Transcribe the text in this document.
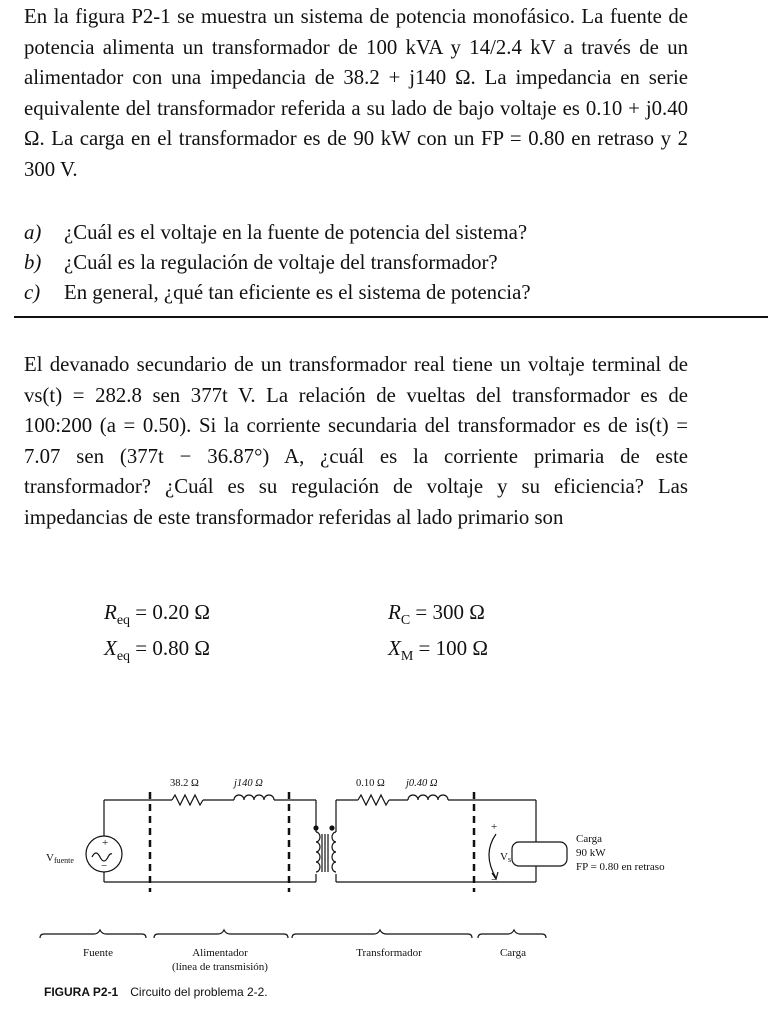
En la figura P2-1 se muestra un sistema de potencia monofásico. La fuente de potencia alimenta un transformador de 100 kVA y 14/2.4 kV a través de un alimentador con una impedancia de 38.2 + j140 Ω. La impedancia en serie equivalente del transformador referida a su lado de bajo voltaje es 0.10 + j0.40 Ω. La carga en el transformador es de 90 kW con un FP = 0.80 en retraso y 2 300 V.
a) ¿Cuál es el voltaje en la fuente de potencia del sistema?
b) ¿Cuál es la regulación de voltaje del transformador?
c) En general, ¿qué tan eficiente es el sistema de potencia?
El devanado secundario de un transformador real tiene un voltaje terminal de vs(t) = 282.8 sen 377t V. La relación de vueltas del transformador es de 100:200 (a = 0.50). Si la corriente secundaria del transformador es de is(t) = 7.07 sen (377t − 36.87°) A, ¿cuál es la corriente primaria de este transformador? ¿Cuál es su regulación de voltaje y su eficiencia? Las impedancias de este transformador referidas al lado primario son
$R_{eq} = 0.20$ Ω
$X_{eq} = 0.80$ Ω
$R_C = 300$ Ω
$X_M = 100$ Ω
+
−
Vfuente
+
−
Vs
38.2 Ω	j140 Ω	0.10 Ω j0.40 Ω
Carga
90 kW
FP = 0.80 en retraso
Fuente	Alimentador
(línea de transmisión)
Transformador	Carga
FIGURA P2-1 Circuito del problema 2-2.
